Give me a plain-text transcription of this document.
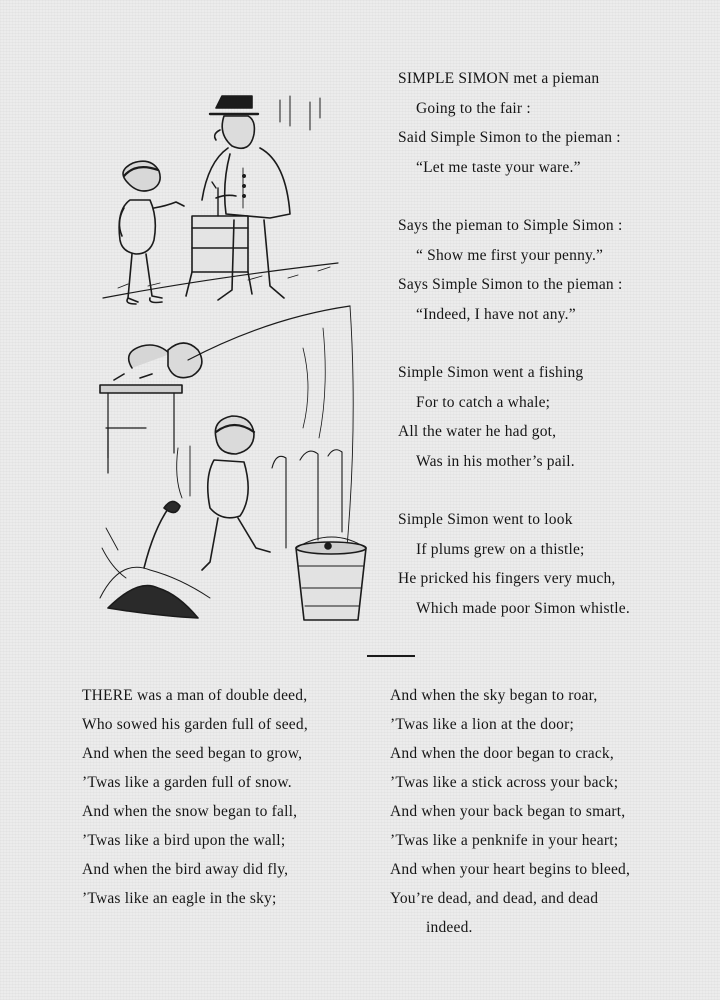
SIMPLE SIMON met a pieman
Going to the fair :
Said Simple Simon to the pieman :
“Let me taste your ware.”
Says the pieman to Simple Simon :
“ Show me first your penny.”
Says Simple Simon to the pieman :
“Indeed, I have not any.”
Simple Simon went a fishing
For to catch a whale;
All the water he had got,
Was in his mother’s pail.
Simple Simon went to look
If plums grew on a thistle;
He pricked his fingers very much,
Which made poor Simon whistle.
THERE was a man of double deed,
Who sowed his garden full of seed,
And when the seed began to grow,
’Twas like a garden full of snow.
And when the snow began to fall,
’Twas like a bird upon the wall;
And when the bird away did fly,
’Twas like an eagle in the sky;
And when the sky began to roar,
’Twas like a lion at the door;
And when the door began to crack,
’Twas like a stick across your back;
And when your back began to smart,
’Twas like a penknife in your heart;
And when your heart begins to bleed,
You’re dead, and dead, and dead
indeed.
